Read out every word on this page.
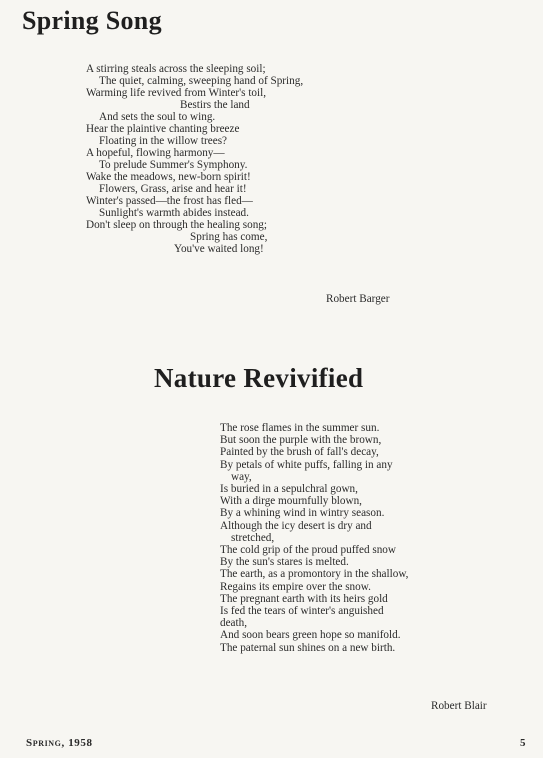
Spring Song
A stirring steals across the sleeping soil;
The quiet, calming, sweeping hand of Spring,
Warming life revived from Winter's toil,
Bestirs the land
And sets the soul to wing.
Hear the plaintive chanting breeze
Floating in the willow trees?
A hopeful, flowing harmony—
To prelude Summer's Symphony.
Wake the meadows, new-born spirit!
Flowers, Grass, arise and hear it!
Winter's passed—the frost has fled—
Sunlight's warmth abides instead.
Don't sleep on through the healing song;
Spring has come,
You've waited long!
Robert Barger
Nature Revivified
The rose flames in the summer sun.
But soon the purple with the brown,
Painted by the brush of fall's decay,
By petals of white puffs, falling in any
way,
Is buried in a sepulchral gown,
With a dirge mournfully blown,
By a whining wind in wintry season.
Although the icy desert is dry and
stretched,
The cold grip of the proud puffed snow
By the sun's stares is melted.
The earth, as a promontory in the shallow,
Regains its empire over the snow.
The pregnant earth with its heirs gold
Is fed the tears of winter's anguished
death,
And soon bears green hope so manifold.
The paternal sun shines on a new birth.
Robert Blair
Spring, 1958	5
